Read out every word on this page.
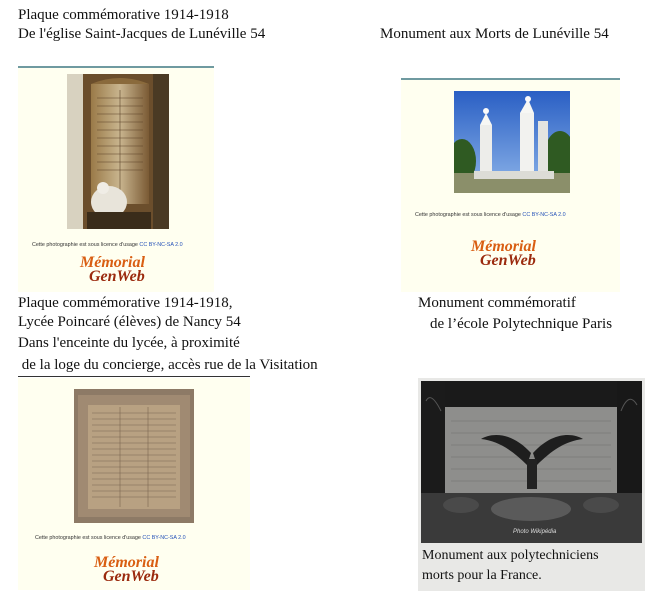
Plaque commémorative 1914-1918
De l'église Saint-Jacques de Lunéville 54	Monument aux Morts de Lunéville 54
Cette photographie est sous licence d'usage CC BY-NC-SA 2.0
Mémorial
GenWeb
Cette photographie est sous licence d'usage CC BY-NC-SA 2.0
Mémorial
GenWeb
Plaque commémorative 1914-1918,
Lycée Poincaré (élèves) de Nancy 54
Dans l'enceinte du lycée, à proximité
de la loge du concierge, accès rue de la Visitation
Monument commémoratif
de l’école Polytechnique Paris
Cette photographie est sous licence d'usage CC BY-NC-SA 2.0
Mémorial
GenWeb
Photo Wikipédia
Monument aux polytechniciens
morts pour la France.
